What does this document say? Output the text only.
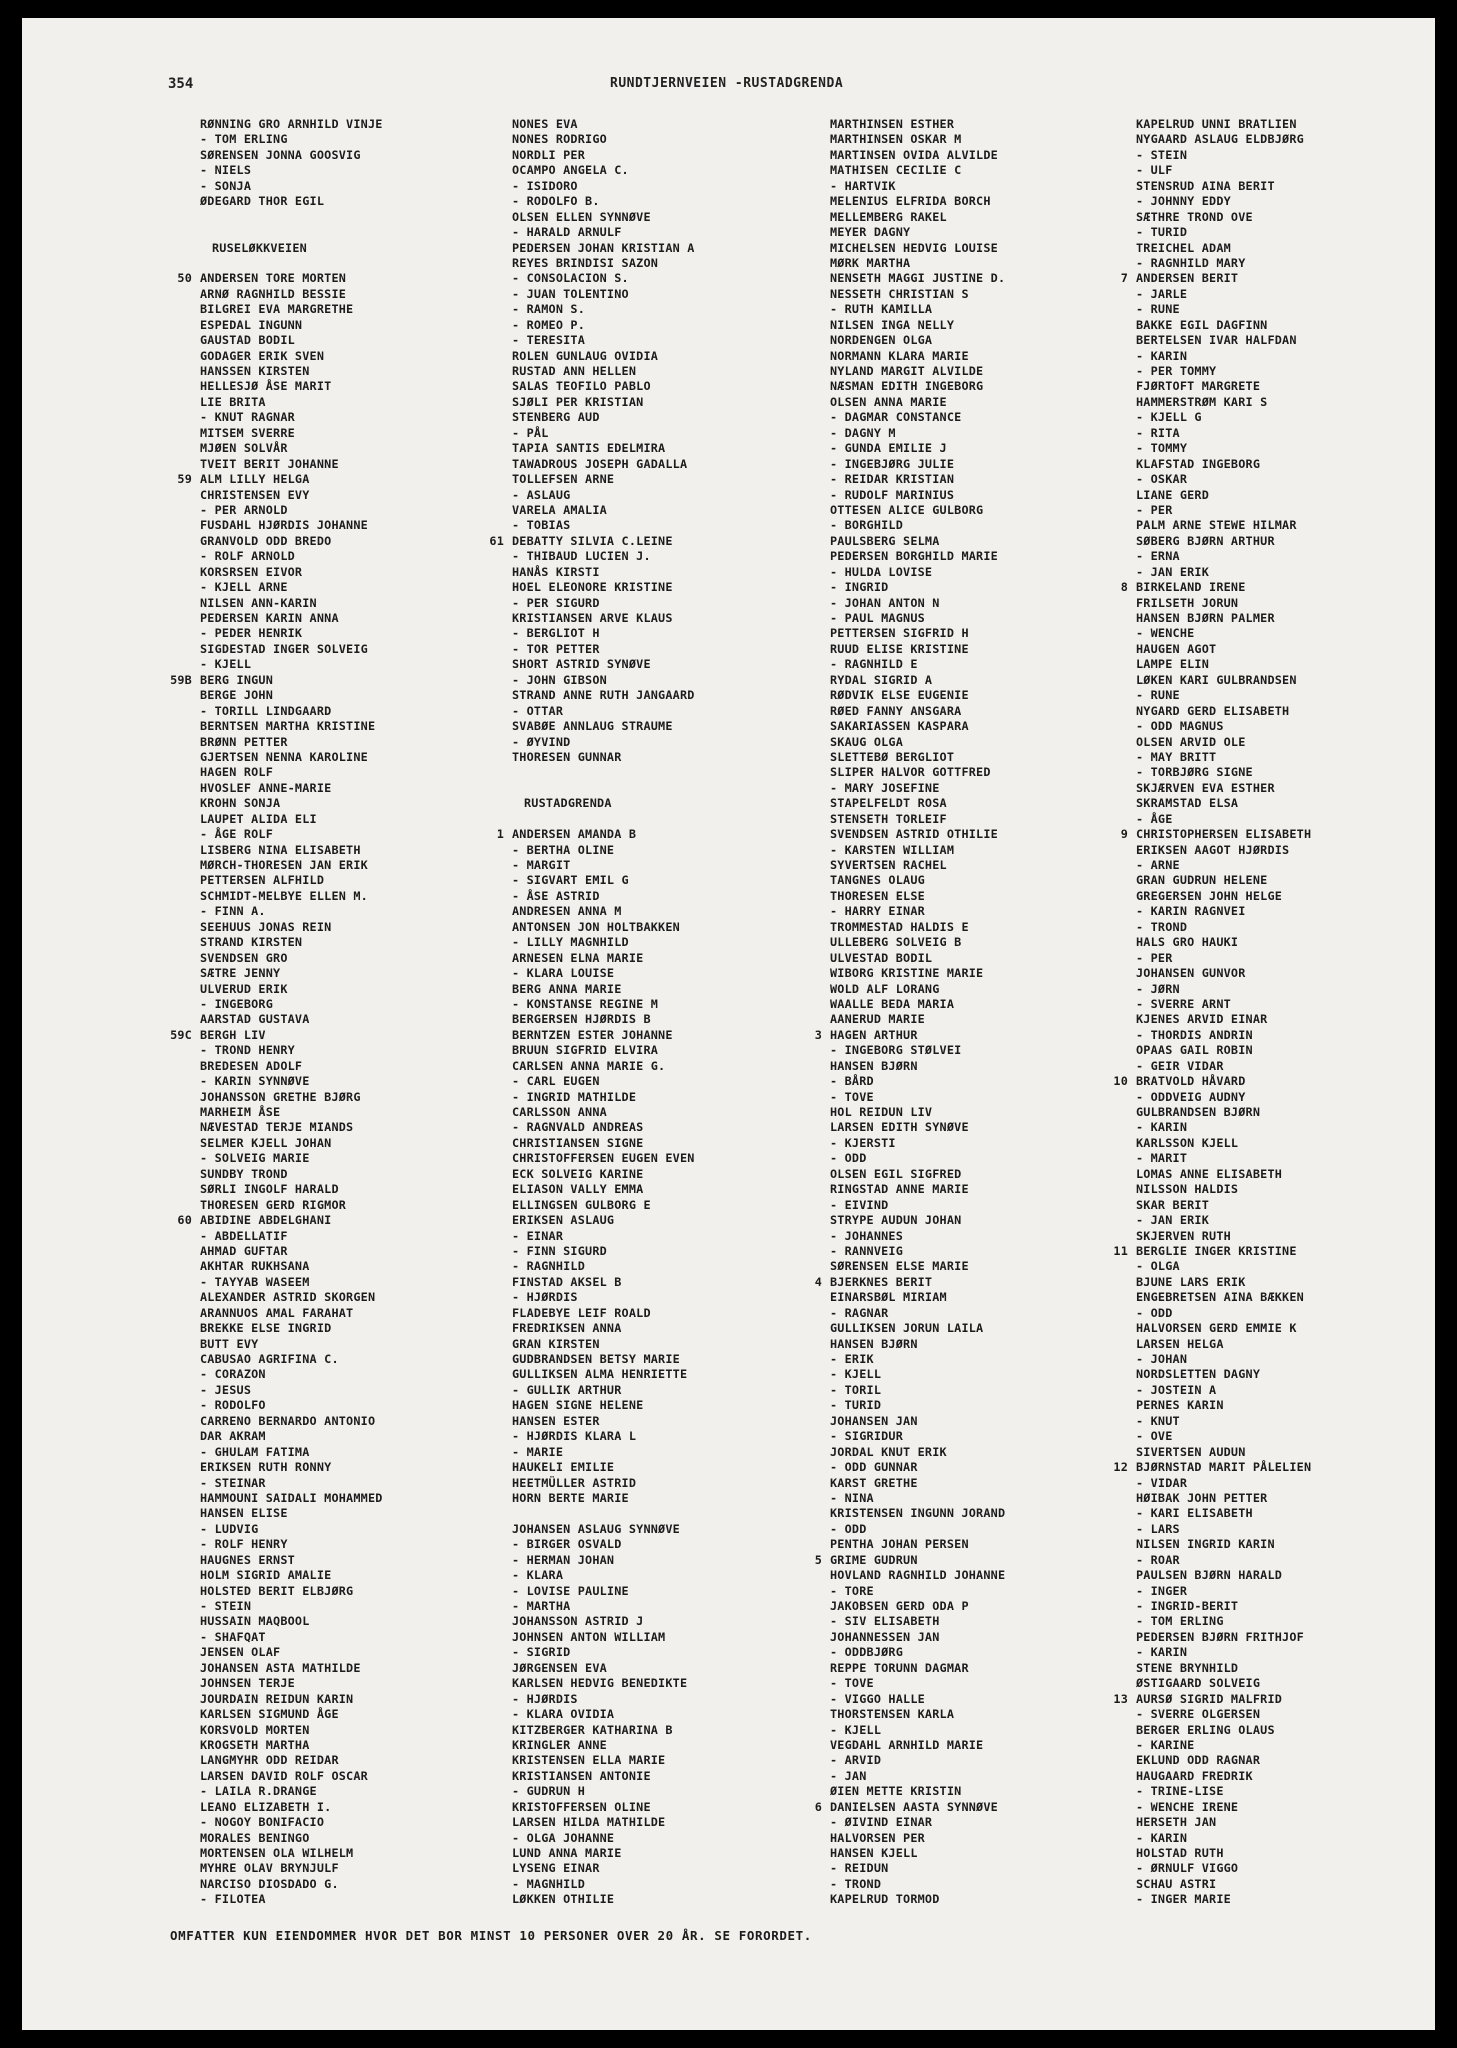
354	RUNDTJERNVEIEN -RUSTADGRENDA
RØNNING GRO ARNHILD VINJE
- TOM ERLING
SØRENSEN JONNA GOOSVIG
- NIELS
- SONJA
ØDEGARD THOR EGIL
RUSELØKKVEIEN
50 ANDERSEN TORE MORTEN
ARNØ RAGNHILD BESSIE
BILGREI EVA MARGRETHE
ESPEDAL INGUNN
GAUSTAD BODIL
GODAGER ERIK SVEN
HANSSEN KIRSTEN
HELLESJØ ÅSE MARIT
LIE BRITA
- KNUT RAGNAR
MITSEM SVERRE
MJØEN SOLVÅR
TVEIT BERIT JOHANNE
59 ALM LILLY HELGA
CHRISTENSEN EVY
- PER ARNOLD
FUSDAHL HJØRDIS JOHANNE
GRANVOLD ODD BREDO
- ROLF ARNOLD
KORSRSEN EIVOR
- KJELL ARNE
NILSEN ANN-KARIN
PEDERSEN KARIN ANNA
- PEDER HENRIK
SIGDESTAD INGER SOLVEIG
- KJELL
59B BERG INGUN
BERGE JOHN
- TORILL LINDGAARD
BERNTSEN MARTHA KRISTINE
BRØNN PETTER
GJERTSEN NENNA KAROLINE
HAGEN ROLF
HVOSLEF ANNE-MARIE
KROHN SONJA
LAUPET ALIDA ELI
- ÅGE ROLF
LISBERG NINA ELISABETH
MØRCH-THORESEN JAN ERIK
PETTERSEN ALFHILD
SCHMIDT-MELBYE ELLEN M.
- FINN A.
SEEHUUS JONAS REIN
STRAND KIRSTEN
SVENDSEN GRO
SÆTRE JENNY
ULVERUD ERIK
- INGEBORG
AARSTAD GUSTAVA
59C BERGH LIV
- TROND HENRY
BREDESEN ADOLF
- KARIN SYNNØVE
JOHANSSON GRETHE BJØRG
MARHEIM ÅSE
NÆVESTAD TERJE MIANDS
SELMER KJELL JOHAN
- SOLVEIG MARIE
SUNDBY TROND
SØRLI INGOLF HARALD
THORESEN GERD RIGMOR
60 ABIDINE ABDELGHANI
- ABDELLATIF
AHMAD GUFTAR
AKHTAR RUKHSANA
- TAYYAB WASEEM
ALEXANDER ASTRID SKORGEN
ARANNUOS AMAL FARAHAT
BREKKE ELSE INGRID
BUTT EVY
CABUSAO AGRIFINA C.
- CORAZON
- JESUS
- RODOLFO
CARRENO BERNARDO ANTONIO
DAR AKRAM
- GHULAM FATIMA
ERIKSEN RUTH RONNY
- STEINAR
HAMMOUNI SAIDALI MOHAMMED
HANSEN ELISE
- LUDVIG
- ROLF HENRY
HAUGNES ERNST
HOLM SIGRID AMALIE
HOLSTED BERIT ELBJØRG
- STEIN
HUSSAIN MAQBOOL
- SHAFQAT
JENSEN OLAF
JOHANSEN ASTA MATHILDE
JOHNSEN TERJE
JOURDAIN REIDUN KARIN
KARLSEN SIGMUND ÅGE
KORSVOLD MORTEN
KROGSETH MARTHA
LANGMYHR ODD REIDAR
LARSEN DAVID ROLF OSCAR
- LAILA R.DRANGE
LEANO ELIZABETH I.
- NOGOY BONIFACIO
MORALES BENINGO
MORTENSEN OLA WILHELM
MYHRE OLAV BRYNJULF
NARCISO DIOSDADO G.
- FILOTEA
NONES EVA
NONES RODRIGO
NORDLI PER
OCAMPO ANGELA C.
- ISIDORO
- RODOLFO B.
OLSEN ELLEN SYNNØVE
- HARALD ARNULF
PEDERSEN JOHAN KRISTIAN A
REYES BRINDISI SAZON
- CONSOLACION S.
- JUAN TOLENTINO
- RAMON S.
- ROMEO P.
- TERESITA
ROLEN GUNLAUG OVIDIA
RUSTAD ANN HELLEN
SALAS TEOFILO PABLO
SJØLI PER KRISTIAN
STENBERG AUD
- PÅL
TAPIA SANTIS EDELMIRA
TAWADROUS JOSEPH GADALLA
TOLLEFSEN ARNE
- ASLAUG
VARELA AMALIA
- TOBIAS
61 DEBATTY SILVIA C.LEINE
- THIBAUD LUCIEN J.
HANÅS KIRSTI
HOEL ELEONORE KRISTINE
- PER SIGURD
KRISTIANSEN ARVE KLAUS
- BERGLIOT H
- TOR PETTER
SHORT ASTRID SYNØVE
- JOHN GIBSON
STRAND ANNE RUTH JANGAARD
- OTTAR
SVABØE ANNLAUG STRAUME
- ØYVIND
THORESEN GUNNAR
RUSTADGRENDA
1 ANDERSEN AMANDA B
- BERTHA OLINE
- MARGIT
- SIGVART EMIL G
- ÅSE ASTRID
ANDRESEN ANNA M
ANTONSEN JON HOLTBAKKEN
- LILLY MAGNHILD
ARNESEN ELNA MARIE
- KLARA LOUISE
BERG ANNA MARIE
- KONSTANSE REGINE M
BERGERSEN HJØRDIS B
BERNTZEN ESTER JOHANNE
BRUUN SIGFRID ELVIRA
CARLSEN ANNA MARIE G.
- CARL EUGEN
- INGRID MATHILDE
CARLSSON ANNA
- RAGNVALD ANDREAS
CHRISTIANSEN SIGNE
CHRISTOFFERSEN EUGEN EVEN
ECK SOLVEIG KARINE
ELIASON VALLY EMMA
ELLINGSEN GULBORG E
ERIKSEN ASLAUG
- EINAR
- FINN SIGURD
- RAGNHILD
FINSTAD AKSEL B
- HJØRDIS
FLADEBYE LEIF ROALD
FREDRIKSEN ANNA
GRAN KIRSTEN
GUDBRANDSEN BETSY MARIE
GULLIKSEN ALMA HENRIETTE
- GULLIK ARTHUR
HAGEN SIGNE HELENE
HANSEN ESTER
- HJØRDIS KLARA L
- MARIE
HAUKELI EMILIE
HEETMÜLLER ASTRID
HORN BERTE MARIE
JOHANSEN ASLAUG SYNNØVE
- BIRGER OSVALD
- HERMAN JOHAN
- KLARA
- LOVISE PAULINE
- MARTHA
JOHANSSON ASTRID J
JOHNSEN ANTON WILLIAM
- SIGRID
JØRGENSEN EVA
KARLSEN HEDVIG BENEDIKTE
- HJØRDIS
- KLARA OVIDIA
KITZBERGER KATHARINA B
KRINGLER ANNE
KRISTENSEN ELLA MARIE
KRISTIANSEN ANTONIE
- GUDRUN H
KRISTOFFERSEN OLINE
LARSEN HILDA MATHILDE
- OLGA JOHANNE
LUND ANNA MARIE
LYSENG EINAR
- MAGNHILD
LØKKEN OTHILIE
MARTHINSEN ESTHER
MARTHINSEN OSKAR M
MARTINSEN OVIDA ALVILDE
MATHISEN CECILIE C
- HARTVIK
MELENIUS ELFRIDA BORCH
MELLEMBERG RAKEL
MEYER DAGNY
MICHELSEN HEDVIG LOUISE
MØRK MARTHA
NENSETH MAGGI JUSTINE D.
NESSETH CHRISTIAN S
- RUTH KAMILLA
NILSEN INGA NELLY
NORDENGEN OLGA
NORMANN KLARA MARIE
NYLAND MARGIT ALVILDE
NÆSMAN EDITH INGEBORG
OLSEN ANNA MARIE
- DAGMAR CONSTANCE
- DAGNY M
- GUNDA EMILIE J
- INGEBJØRG JULIE
- REIDAR KRISTIAN
- RUDOLF MARINIUS
OTTESEN ALICE GULBORG
- BORGHILD
PAULSBERG SELMA
PEDERSEN BORGHILD MARIE
- HULDA LOVISE
- INGRID
- JOHAN ANTON N
- PAUL MAGNUS
PETTERSEN SIGFRID H
RUUD ELISE KRISTINE
- RAGNHILD E
RYDAL SIGRID A
RØDVIK ELSE EUGENIE
RØED FANNY ANSGARA
SAKARIASSEN KASPARA
SKAUG OLGA
SLETTEBØ BERGLIOT
SLIPER HALVOR GOTTFRED
- MARY JOSEFINE
STAPELFELDT ROSA
STENSETH TORLEIF
SVENDSEN ASTRID OTHILIE
- KARSTEN WILLIAM
SYVERTSEN RACHEL
TANGNES OLAUG
THORESEN ELSE
- HARRY EINAR
TROMMESTAD HALDIS E
ULLEBERG SOLVEIG B
ULVESTAD BODIL
WIBORG KRISTINE MARIE
WOLD ALF LORANG
WAALLE BEDA MARIA
AANERUD MARIE
3 HAGEN ARTHUR
- INGEBORG STØLVEI
HANSEN BJØRN
- BÅRD
- TOVE
HOL REIDUN LIV
LARSEN EDITH SYNØVE
- KJERSTI
- ODD
OLSEN EGIL SIGFRED
RINGSTAD ANNE MARIE
- EIVIND
STRYPE AUDUN JOHAN
- JOHANNES
- RANNVEIG
SØRENSEN ELSE MARIE
4 BJERKNES BERIT
EINARSBØL MIRIAM
- RAGNAR
GULLIKSEN JORUN LAILA
HANSEN BJØRN
- ERIK
- KJELL
- TORIL
- TURID
JOHANSEN JAN
- SIGRIDUR
JORDAL KNUT ERIK
- ODD GUNNAR
KARST GRETHE
- NINA
KRISTENSEN INGUNN JORAND
- ODD
PENTHA JOHAN PERSEN
5 GRIME GUDRUN
HOVLAND RAGNHILD JOHANNE
- TORE
JAKOBSEN GERD ODA P
- SIV ELISABETH
JOHANNESSEN JAN
- ODDBJØRG
REPPE TORUNN DAGMAR
- TOVE
- VIGGO HALLE
THORSTENSEN KARLA
- KJELL
VEGDAHL ARNHILD MARIE
- ARVID
- JAN
ØIEN METTE KRISTIN
6 DANIELSEN AASTA SYNNØVE
- ØIVIND EINAR
HALVORSEN PER
HANSEN KJELL
- REIDUN
- TROND
KAPELRUD TORMOD
KAPELRUD UNNI BRATLIEN
NYGAARD ASLAUG ELDBJØRG
- STEIN
- ULF
STENSRUD AINA BERIT
- JOHNNY EDDY
SÆTHRE TROND OVE
- TURID
TREICHEL ADAM
- RAGNHILD MARY
7 ANDERSEN BERIT
- JARLE
- RUNE
BAKKE EGIL DAGFINN
BERTELSEN IVAR HALFDAN
- KARIN
- PER TOMMY
FJØRTOFT MARGRETE
HAMMERSTRØM KARI S
- KJELL G
- RITA
- TOMMY
KLAFSTAD INGEBORG
- OSKAR
LIANE GERD
- PER
PALM ARNE STEWE HILMAR
SØBERG BJØRN ARTHUR
- ERNA
- JAN ERIK
8 BIRKELAND IRENE
FRILSETH JORUN
HANSEN BJØRN PALMER
- WENCHE
HAUGEN AGOT
LAMPE ELIN
LØKEN KARI GULBRANDSEN
- RUNE
NYGARD GERD ELISABETH
- ODD MAGNUS
OLSEN ARVID OLE
- MAY BRITT
- TORBJØRG SIGNE
SKJÆRVEN EVA ESTHER
SKRAMSTAD ELSA
- ÅGE
9 CHRISTOPHERSEN ELISABETH
ERIKSEN AAGOT HJØRDIS
- ARNE
GRAN GUDRUN HELENE
GREGERSEN JOHN HELGE
- KARIN RAGNVEI
- TROND
HALS GRO HAUKI
- PER
JOHANSEN GUNVOR
- JØRN
- SVERRE ARNT
KJENES ARVID EINAR
- THORDIS ANDRIN
OPAAS GAIL ROBIN
- GEIR VIDAR
10 BRATVOLD HÅVARD
- ODDVEIG AUDNY
GULBRANDSEN BJØRN
- KARIN
KARLSSON KJELL
- MARIT
LOMAS ANNE ELISABETH
NILSSON HALDIS
SKAR BERIT
- JAN ERIK
SKJERVEN RUTH
11 BERGLIE INGER KRISTINE
- OLGA
BJUNE LARS ERIK
ENGEBRETSEN AINA BÆKKEN
- ODD
HALVORSEN GERD EMMIE K
LARSEN HELGA
- JOHAN
NORDSLETTEN DAGNY
- JOSTEIN A
PERNES KARIN
- KNUT
- OVE
SIVERTSEN AUDUN
12 BJØRNSTAD MARIT PÅLELIEN
- VIDAR
HØIBAK JOHN PETTER
- KARI ELISABETH
- LARS
NILSEN INGRID KARIN
- ROAR
PAULSEN BJØRN HARALD
- INGER
- INGRID-BERIT
- TOM ERLING
PEDERSEN BJØRN FRITHJOF
- KARIN
STENE BRYNHILD
ØSTIGAARD SOLVEIG
13 AURSØ SIGRID MALFRID
- SVERRE OLGERSEN
BERGER ERLING OLAUS
- KARINE
EKLUND ODD RAGNAR
HAUGAARD FREDRIK
- TRINE-LISE
- WENCHE IRENE
HERSETH JAN
- KARIN
HOLSTAD RUTH
- ØRNULF VIGGO
SCHAU ASTRI
- INGER MARIE
OMFATTER KUN EIENDOMMER HVOR DET BOR MINST 10 PERSONER OVER 20 ÅR. SE FORORDET.
